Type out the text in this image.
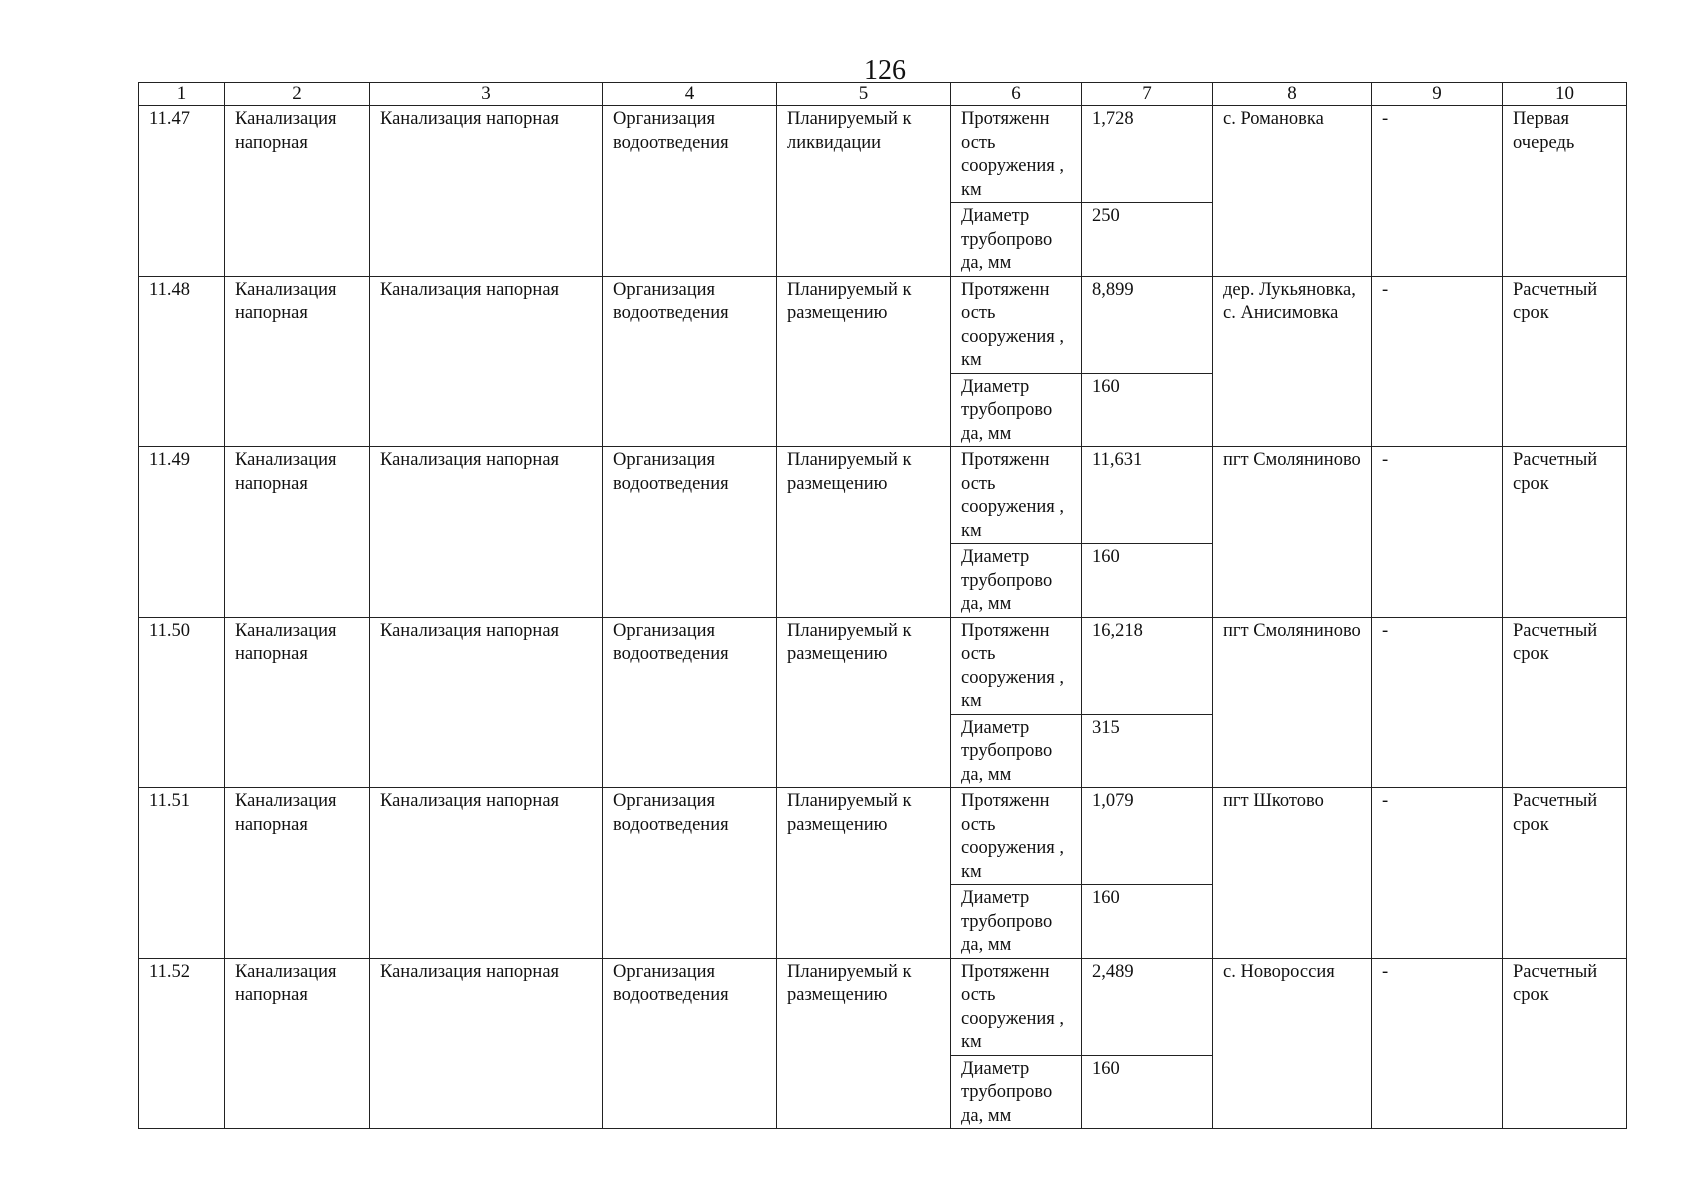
126
1	2	3	4	5	6	7	8	9	10
11.47	Канализация напорная	Канализация напорная	Организация водоотведения	Планируемый к ликвидации	Протяженн ость сооружения , км	1,728	с. Романовка	-	Первая очередь
					Диаметр трубопрово да, мм	250			
11.48	Канализация напорная	Канализация напорная	Организация водоотведения	Планируемый к размещению	Протяженн ость сооружения , км	8,899	дер. Лукьяновка, с. Анисимовка	-	Расчетный срок
					Диаметр трубопрово да, мм	160			
11.49	Канализация напорная	Канализация напорная	Организация водоотведения	Планируемый к размещению	Протяженн ость сооружения , км	11,631	пгт Смоляниново	-	Расчетный срок
					Диаметр трубопрово да, мм	160			
11.50	Канализация напорная	Канализация напорная	Организация водоотведения	Планируемый к размещению	Протяженн ость сооружения , км	16,218	пгт Смоляниново	-	Расчетный срок
					Диаметр трубопрово да, мм	315			
11.51	Канализация напорная	Канализация напорная	Организация водоотведения	Планируемый к размещению	Протяженн ость сооружения , км	1,079	пгт Шкотово	-	Расчетный срок
					Диаметр трубопрово да, мм	160			
11.52	Канализация напорная	Канализация напорная	Организация водоотведения	Планируемый к размещению	Протяженн ость сооружения , км	2,489	с. Новороссия	-	Расчетный срок
					Диаметр трубопрово да, мм	160			
